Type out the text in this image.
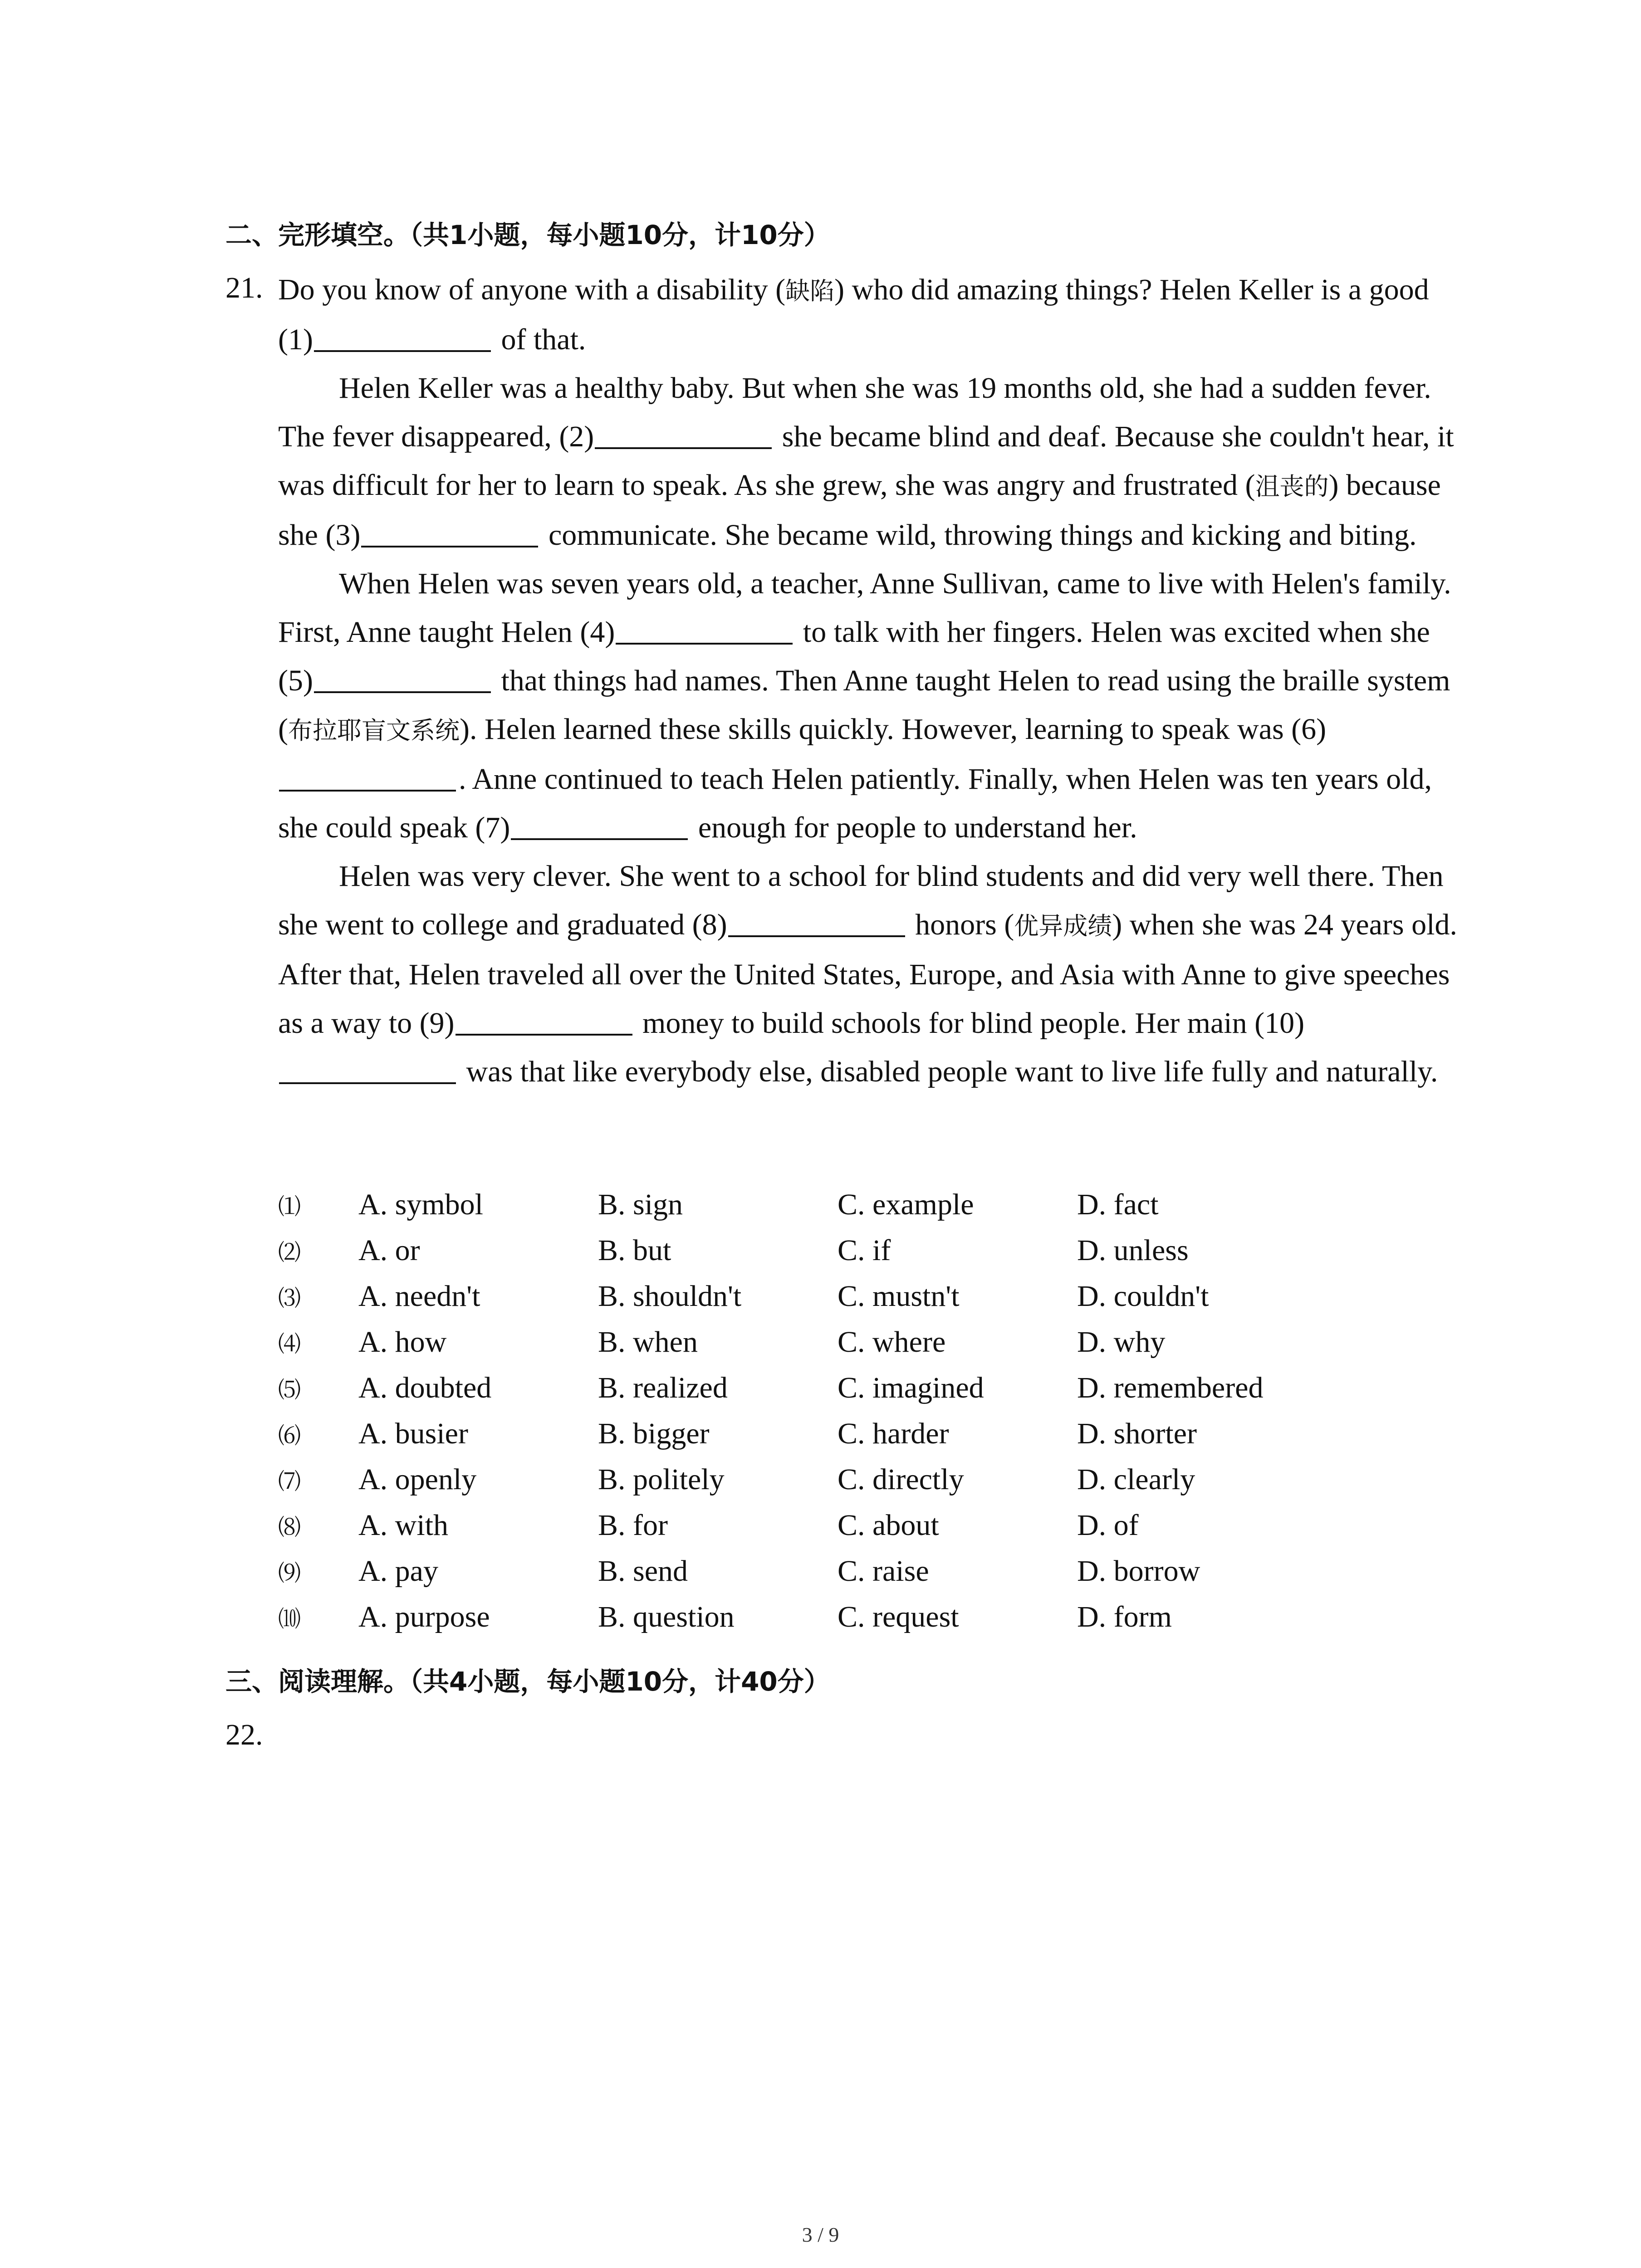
二、完形填空。（共1小题，每小题10分，计10分）
21. Do you know of anyone with a disability (缺陷) who did amazing things? Helen Keller is a good (1)	of that.

Helen Keller was a healthy baby. But when she was 19 months old, she had a sudden fever. The fever disappeared, (2)	she became blind and deaf. Because she couldn't hear, it was difficult for her to learn to speak. As she grew, she was angry and frustrated (沮丧的) because she (3)	communicate. She became wild, throwing things and kicking and biting.

When Helen was seven years old, a teacher, Anne Sullivan, came to live with Helen's family. First, Anne taught Helen (4)	to talk with her fingers. Helen was excited when she (5)	that things had names. Then Anne taught Helen to read using the braille system (布拉耶盲文系统). Helen learned these skills quickly. However, learning to speak was (6). Anne continued to teach Helen patiently. Finally, when Helen was ten years old, she could speak (7)	enough for people to understand her.

Helen was very clever. She went to a school for blind students and did very well there. Then she went to college and graduated (8)	honors (优异成绩) when she was 24 years old. After that, Helen traveled all over the United States, Europe, and Asia with Anne to give speeches as a way to (9)	money to build schools for blind people. Her main (10) was that like everybody else, disabled people want to live life fully and naturally.

⑴	A. symbol	B. sign	C. example	D. fact
⑵	A. or	B. but	C. if	D. unless
⑶	A. needn't	B. shouldn't	C. mustn't	D. couldn't
⑷	A. how	B. when	C. where	D. why
⑸	A. doubted	B. realized	C. imagined	D. remembered
⑹	A. busier	B. bigger	C. harder	D. shorter
⑺	A. openly	B. politely	C. directly	D. clearly
⑻	A. with	B. for	C. about	D. of
⑼	A. pay	B. send	C. raise	D. borrow
⑽	A. purpose	B. question	C. request	D. form
三、阅读理解。（共4小题，每小题10分，计40分）
22.
3 / 9
